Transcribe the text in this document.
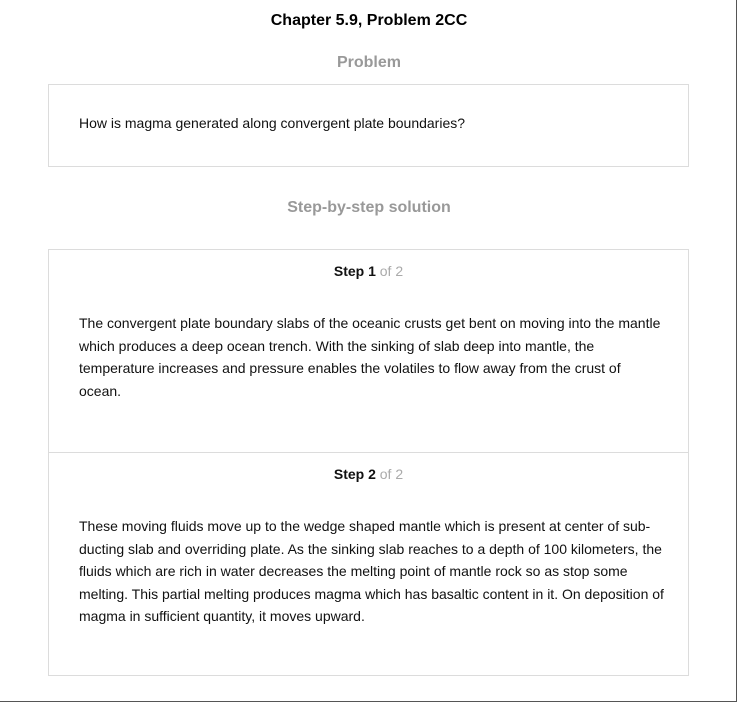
Chapter 5.9, Problem 2CC
Problem
How is magma generated along convergent plate boundaries?
Step-by-step solution
Step 1 of 2
The convergent plate boundary slabs of the oceanic crusts get bent on moving into the mantle which produces a deep ocean trench. With the sinking of slab deep into mantle, the temperature increases and pressure enables the volatiles to flow away from the crust of ocean.
Step 2 of 2
These moving fluids move up to the wedge shaped mantle which is present at center of sub-ducting slab and overriding plate. As the sinking slab reaches to a depth of 100 kilometers, the fluids which are rich in water decreases the melting point of mantle rock so as stop some melting. This partial melting produces magma which has basaltic content in it. On deposition of magma in sufficient quantity, it moves upward.
